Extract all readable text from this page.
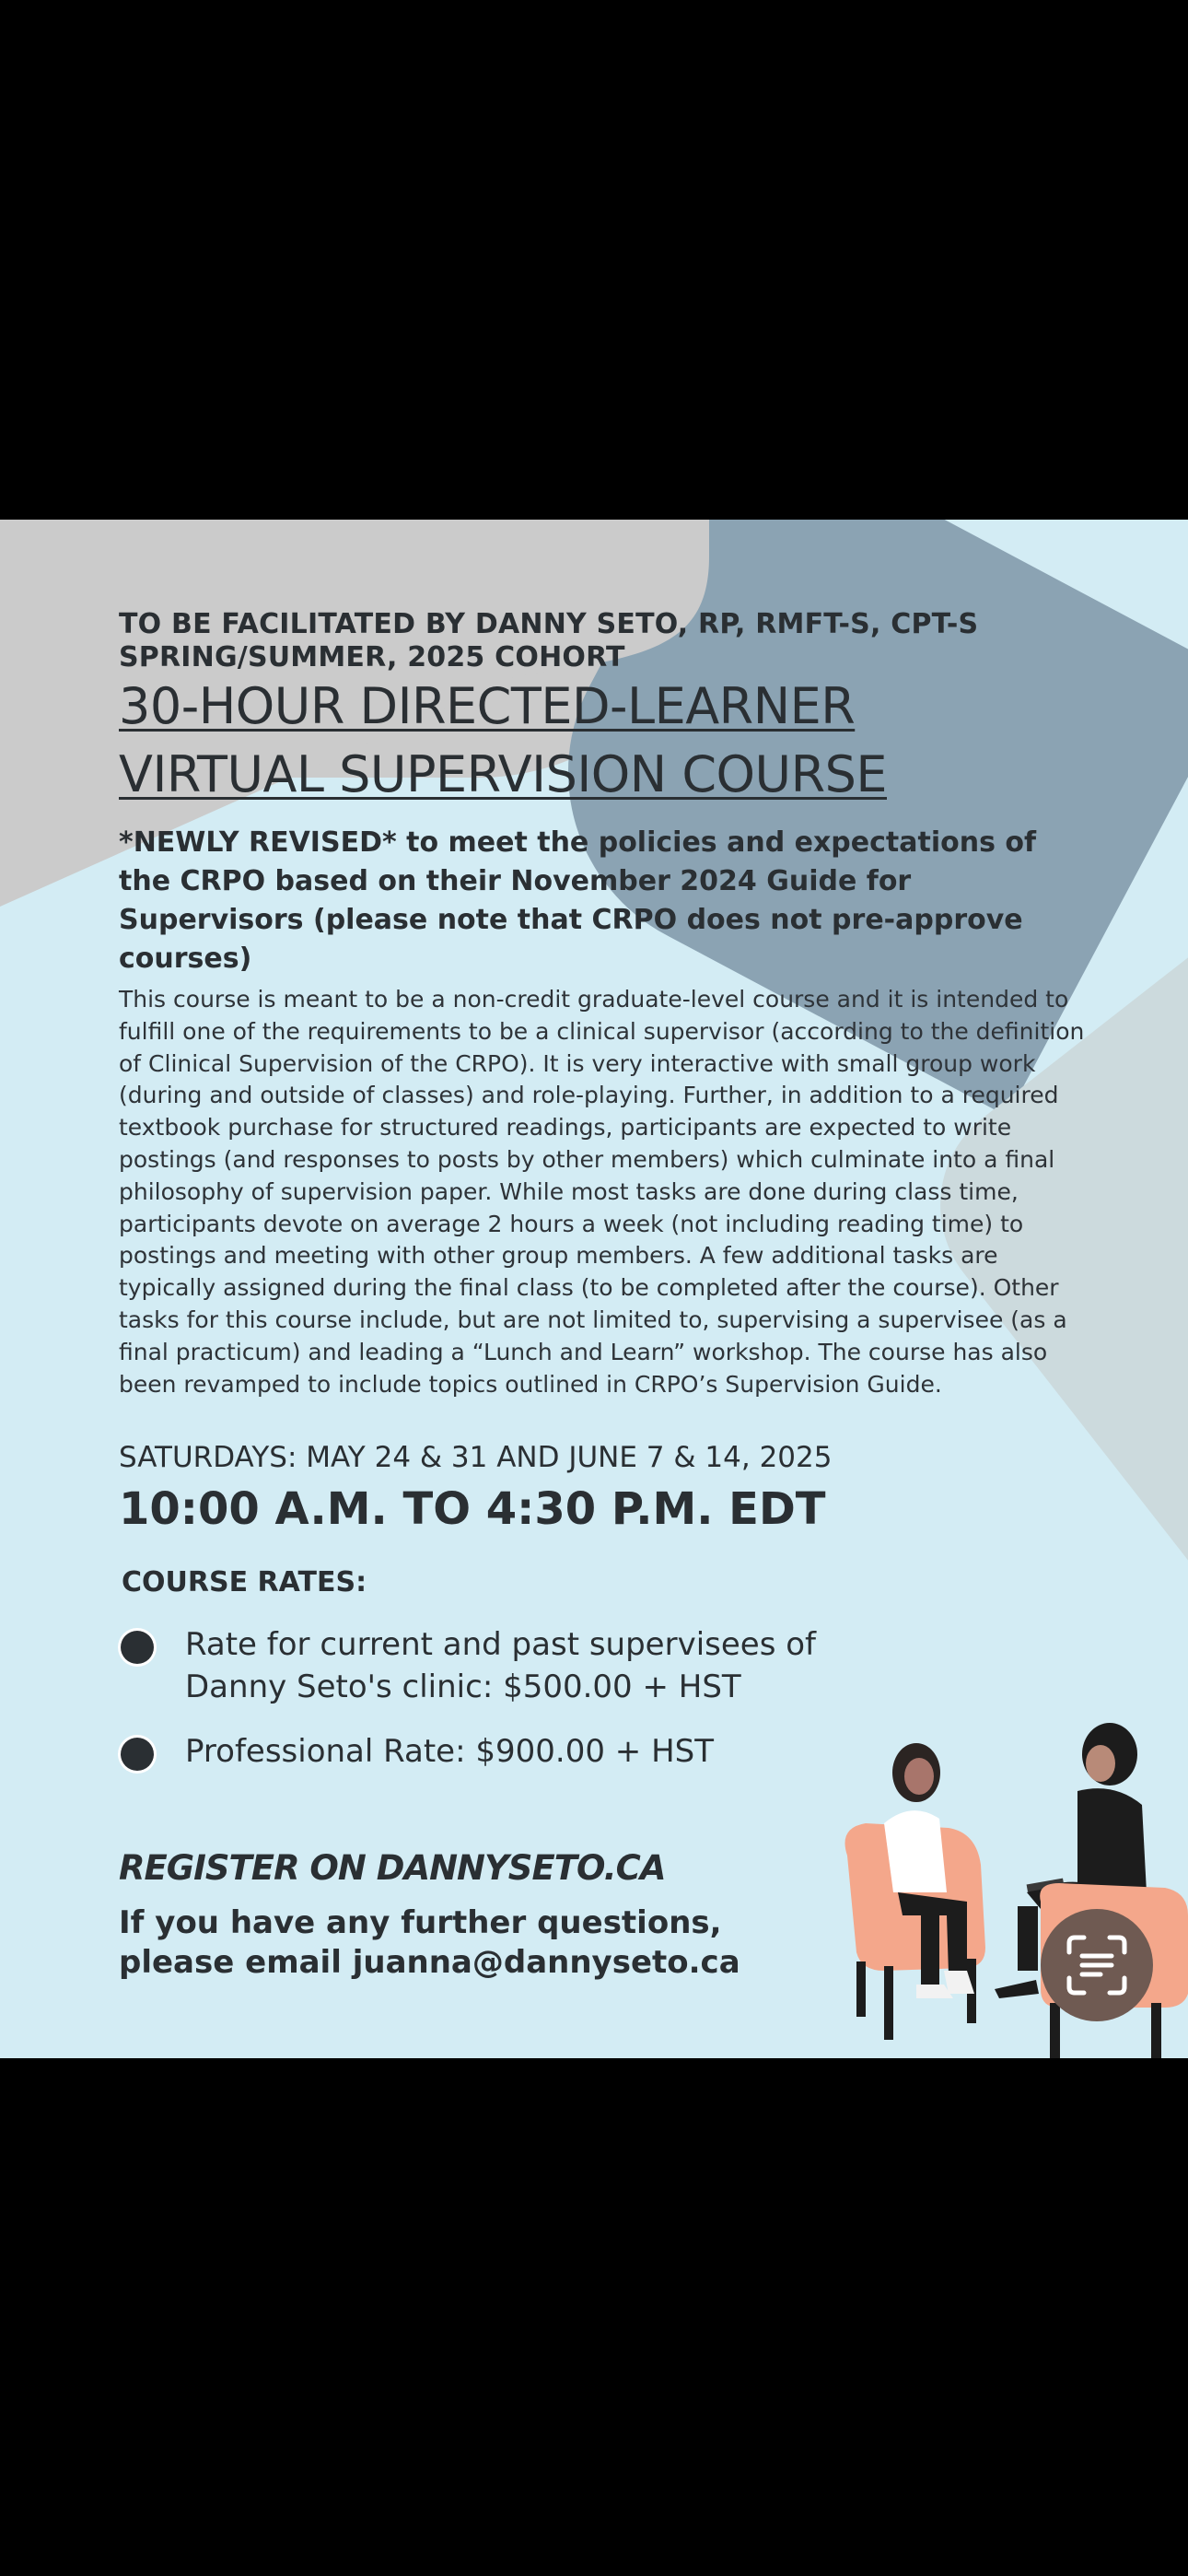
TO BE FACILITATED BY DANNY SETO, RP, RMFT-S, CPT-S

SPRING/SUMMER, 2025 COHORT

30-HOUR DIRECTED-LEARNER
VIRTUAL SUPERVISION COURSE

*NEWLY REVISED* to meet the policies and expectations of the CRPO based on their November 2024 Guide for Supervisors (please note that CRPO does not pre-approve courses)

This course is meant to be a non-credit graduate-level course and it is intended to fulfill one of the requirements to be a clinical supervisor (according to the definition of Clinical Supervision of the CRPO). It is very interactive with small group work (during and outside of classes) and role-playing. Further, in addition to a required textbook purchase for structured readings, participants are expected to write postings (and responses to posts by other members) which culminate into a final philosophy of supervision paper. While most tasks are done during class time, participants devote on average 2 hours a week (not including reading time) to postings and meeting with other group members. A few additional tasks are typically assigned during the final class (to be completed after the course). Other tasks for this course include, but are not limited to, supervising a supervisee (as a final practicum) and leading a “Lunch and Learn” workshop. The course has also been revamped to include topics outlined in CRPO’s Supervision Guide.

SATURDAYS: MAY 24 & 31 AND JUNE 7 & 14, 2025

10:00 A.M. TO 4:30 P.M. EDT

COURSE RATES:

Rate for current and past supervisees of Danny Seto's clinic: $500.00 + HST
Professional Rate: $900.00 + HST

REGISTER ON DANNYSETO.CA

If you have any further questions,
please email juanna@dannyseto.ca
